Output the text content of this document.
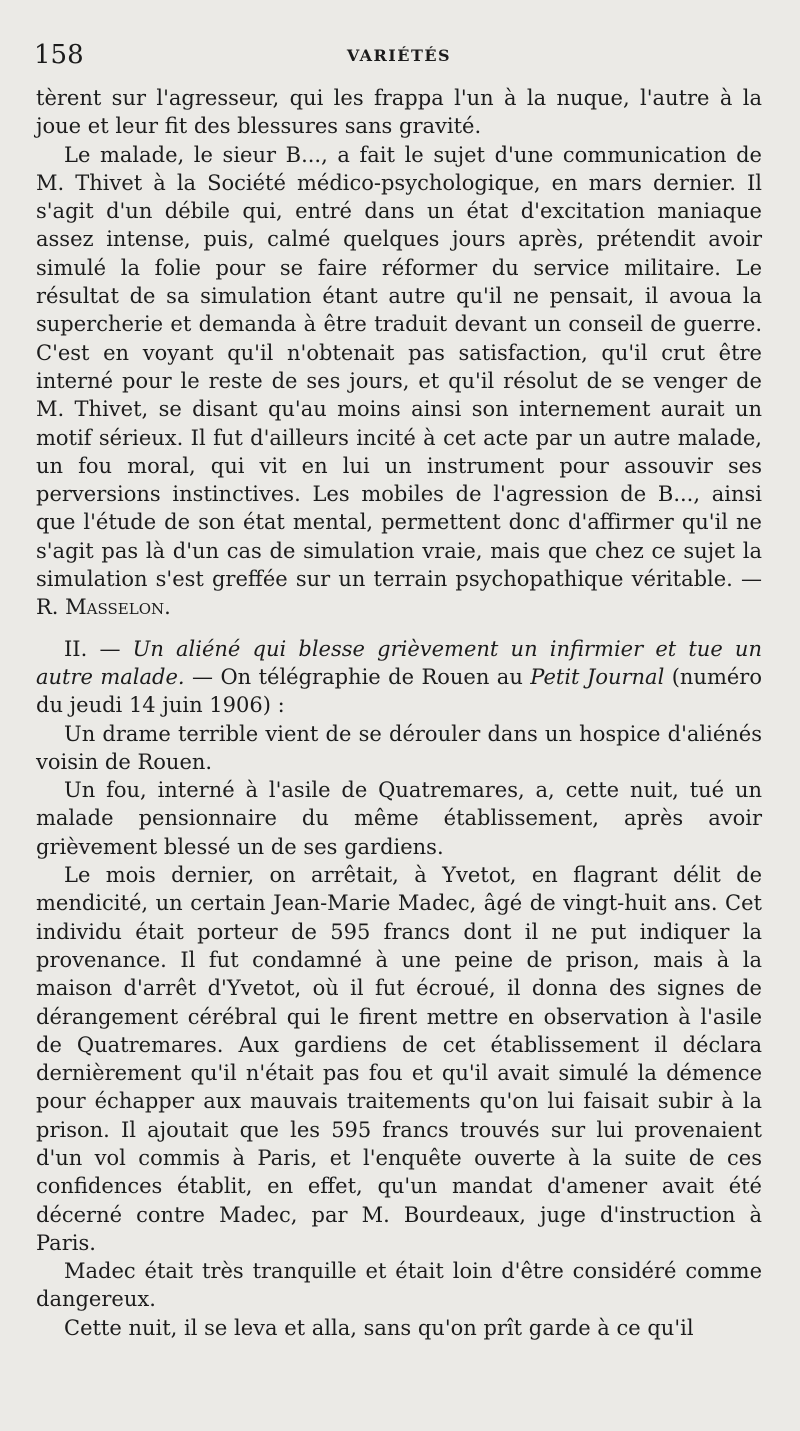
158	VARIÉTÉS

tèrent sur l'agresseur, qui les frappa l'un à la nuque, l'autre à la joue et leur fit des blessures sans gravité.

Le malade, le sieur B..., a fait le sujet d'une communication de M. Thivet à la Société médico-psychologique, en mars dernier. Il s'agit d'un débile qui, entré dans un état d'excitation maniaque assez intense, puis, calmé quelques jours après, prétendit avoir simulé la folie pour se faire réformer du service militaire. Le résultat de sa simulation étant autre qu'il ne pensait, il avoua la supercherie et demanda à être traduit devant un conseil de guerre. C'est en voyant qu'il n'obtenait pas satisfaction, qu'il crut être interné pour le reste de ses jours, et qu'il résolut de se venger de M. Thivet, se disant qu'au moins ainsi son internement aurait un motif sérieux. Il fut d'ailleurs incité à cet acte par un autre malade, un fou moral, qui vit en lui un instrument pour assouvir ses perversions instinctives. Les mobiles de l'agression de B..., ainsi que l'étude de son état mental, permettent donc d'affirmer qu'il ne s'agit pas là d'un cas de simulation vraie, mais que chez ce sujet la simulation s'est greffée sur un terrain psychopathique véritable. — R. Masselon.

II. — Un aliéné qui blesse grièvement un infirmier et tue un autre malade. — On télégraphie de Rouen au Petit Journal (numéro du jeudi 14 juin 1906) :

Un drame terrible vient de se dérouler dans un hospice d'aliénés voisin de Rouen.

Un fou, interné à l'asile de Quatremares, a, cette nuit, tué un malade pensionnaire du même établissement, après avoir grièvement blessé un de ses gardiens.

Le mois dernier, on arrêtait, à Yvetot, en flagrant délit de mendicité, un certain Jean-Marie Madec, âgé de vingt-huit ans. Cet individu était porteur de 595 francs dont il ne put indiquer la provenance. Il fut condamné à une peine de prison, mais à la maison d'arrêt d'Yvetot, où il fut écroué, il donna des signes de dérangement cérébral qui le firent mettre en observation à l'asile de Quatremares. Aux gardiens de cet établissement il déclara dernièrement qu'il n'était pas fou et qu'il avait simulé la démence pour échapper aux mauvais traitements qu'on lui faisait subir à la prison. Il ajoutait que les 595 francs trouvés sur lui provenaient d'un vol commis à Paris, et l'enquête ouverte à la suite de ces confidences établit, en effet, qu'un mandat d'amener avait été décerné contre Madec, par M. Bourdeaux, juge d'instruction à Paris.

Madec était très tranquille et était loin d'être considéré comme dangereux.

Cette nuit, il se leva et alla, sans qu'on prît garde à ce qu'il
